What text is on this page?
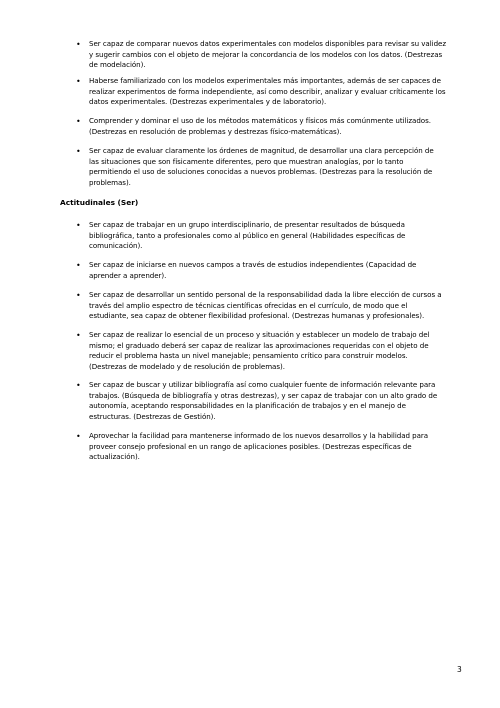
• Ser capaz de comparar nuevos datos experimentales con modelos disponibles para revisar su validez
y sugerir cambios con el objeto de mejorar la concordancia de los modelos con los datos. (Destrezas
de modelación).
• Haberse familiarizado con los modelos experimentales más importantes, además de ser capaces de
realizar experimentos de forma independiente, así como describir, analizar y evaluar críticamente los
datos experimentales. (Destrezas experimentales y de laboratorio).
• Comprender y dominar el uso de los métodos matemáticos y físicos más comúnmente utilizados.
(Destrezas en resolución de problemas y destrezas físico-matemáticas).
• Ser capaz de evaluar claramente los órdenes de magnitud, de desarrollar una clara percepción de
las situaciones que son físicamente diferentes, pero que muestran analogías, por lo tanto
permitiendo el uso de soluciones conocidas a nuevos problemas. (Destrezas para la resolución de
problemas).
Actitudinales (Ser)
• Ser capaz de trabajar en un grupo interdisciplinario, de presentar resultados de búsqueda
bibliográfica, tanto a profesionales como al público en general (Habilidades específicas de
comunicación).
• Ser capaz de iniciarse en nuevos campos a través de estudios independientes (Capacidad de
aprender a aprender).
• Ser capaz de desarrollar un sentido personal de la responsabilidad dada la libre elección de cursos a
través del amplio espectro de técnicas científicas ofrecidas en el currículo, de modo que el
estudiante, sea capaz de obtener flexibilidad profesional. (Destrezas humanas y profesionales).
• Ser capaz de realizar lo esencial de un proceso y situación y establecer un modelo de trabajo del
mismo; el graduado deberá ser capaz de realizar las aproximaciones requeridas con el objeto de
reducir el problema hasta un nivel manejable; pensamiento crítico para construir modelos.
(Destrezas de modelado y de resolución de problemas).
• Ser capaz de buscar y utilizar bibliografía así como cualquier fuente de información relevante para
trabajos. (Búsqueda de bibliografía y otras destrezas), y ser capaz de trabajar con un alto grado de
autonomía, aceptando responsabilidades en la planificación de trabajos y en el manejo de
estructuras. (Destrezas de Gestión).
• Aprovechar la facilidad para mantenerse informado de los nuevos desarrollos y la habilidad para
proveer consejo profesional en un rango de aplicaciones posibles. (Destrezas específicas de
actualización).
3
